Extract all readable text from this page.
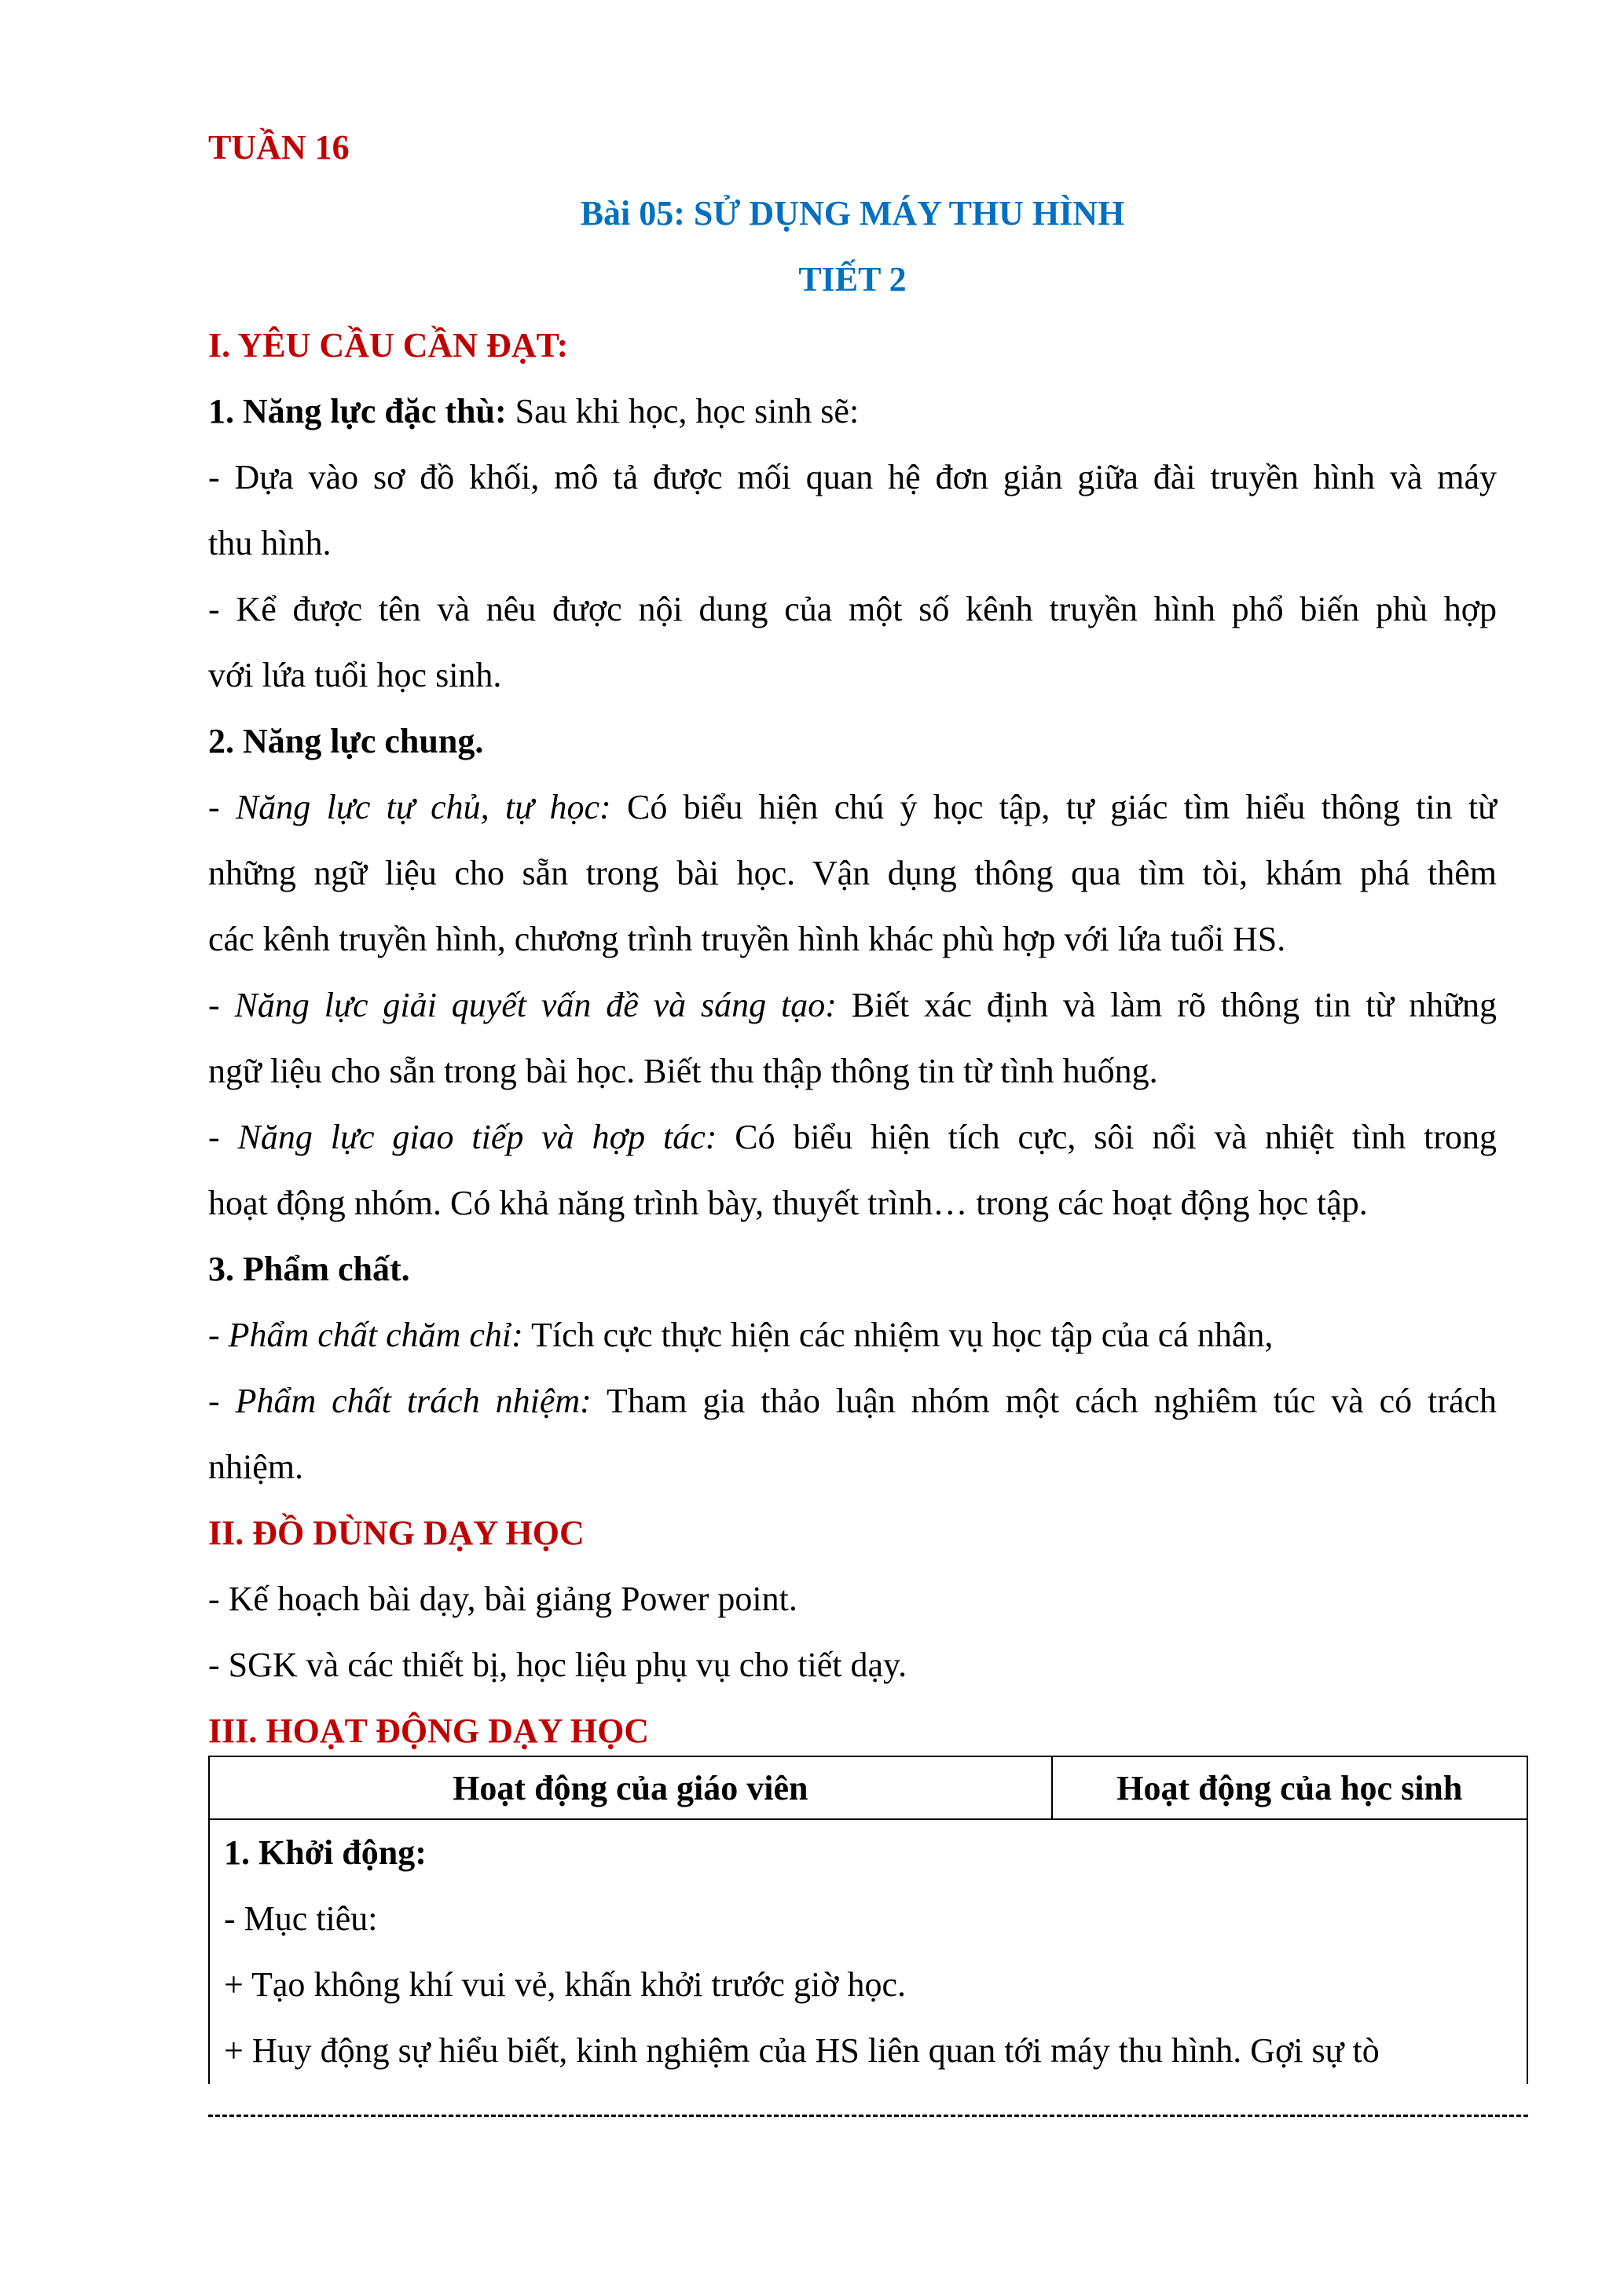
TUẦN 16
Bài 05: SỬ DỤNG MÁY THU HÌNH
TIẾT 2
I. YÊU CẦU CẦN ĐẠT:
1. Năng lực đặc thù: Sau khi học, học sinh sẽ:
- Dựa vào sơ đồ khối, mô tả được mối quan hệ đơn giản giữa đài truyền hình và máy
thu hình.
- Kể được tên và nêu được nội dung của một số kênh truyền hình phổ biến phù hợp
với lứa tuổi học sinh.
2. Năng lực chung.
- Năng lực tự chủ, tự học: Có biểu hiện chú ý học tập, tự giác tìm hiểu thông tin từ
những ngữ liệu cho sẵn trong bài học. Vận dụng thông qua tìm tòi, khám phá thêm
các kênh truyền hình, chương trình truyền hình khác phù hợp với lứa tuổi HS.
- Năng lực giải quyết vấn đề và sáng tạo: Biết xác định và làm rõ thông tin từ những
ngữ liệu cho sẵn trong bài học. Biết thu thập thông tin từ tình huống.
- Năng lực giao tiếp và hợp tác: Có biểu hiện tích cực, sôi nổi và nhiệt tình trong
hoạt động nhóm. Có khả năng trình bày, thuyết trình… trong các hoạt động học tập.
3. Phẩm chất.
- Phẩm chất chăm chỉ: Tích cực thực hiện các nhiệm vụ học tập của cá nhân,
- Phẩm chất trách nhiệm: Tham gia thảo luận nhóm một cách nghiêm túc và có trách
nhiệm.
II. ĐỒ DÙNG DẠY HỌC
- Kế hoạch bài dạy, bài giảng Power point.
- SGK và các thiết bị, học liệu phụ vụ cho tiết dạy.
III. HOẠT ĐỘNG DẠY HỌC
Hoạt động của giáo viên	Hoạt động của học sinh

1. Khởi động:
- Mục tiêu:
+ Tạo không khí vui vẻ, khấn khởi trước giờ học.
+ Huy động sự hiểu biết, kinh nghiệm của HS liên quan tới máy thu hình. Gợi sự tò
